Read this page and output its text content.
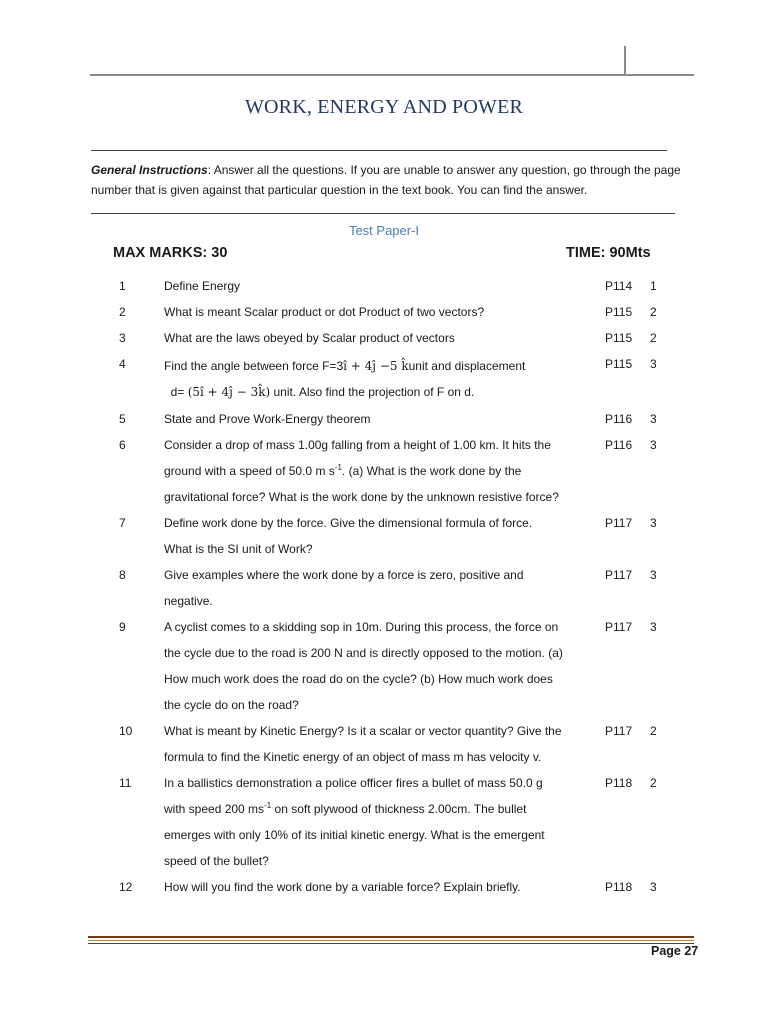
WORK, ENERGY AND POWER
General Instructions: Answer all the questions. If you are unable to answer any question, go through the page number that is given against that particular question in the text book. You can find the answer.
Test Paper-I
MAX MARKS: 30	TIME: 90Mts
1	Define Energy	P114 1
2	What is meant Scalar product or dot Product of two vectors?	P115 2
3	What are the laws obeyed by Scalar product of vectors	P115 2
4	Find the angle between force F=3î + 4ĵ −5 k̂unit and displacement
d= (5î + 4ĵ − 3k̂) unit. Also find the projection of F on d.
P115 3
5	State and Prove Work-Energy theorem	P116 3
6	Consider a drop of mass 1.00g falling from a height of 1.00 km. It hits the
ground with a speed of 50.0 m $s^{-1}$. (a) What is the work done by the
gravitational force? What is the work done by the unknown resistive force?
P116 3
7	Define work done by the force. Give the dimensional formula of force.
What is the SI unit of Work?
P117 3
8	Give examples where the work done by a force is zero, positive and
negative.
P117 3
9	A cyclist comes to a skidding sop in 10m. During this process, the force on
the cycle due to the road is 200 N and is directly opposed to the motion. (a)
How much work does the road do on the cycle? (b) How much work does
the cycle do on the road?
P117 3
10	What is meant by Kinetic Energy? Is it a scalar or vector quantity? Give the
formula to find the Kinetic energy of an object of mass m has velocity v.
P117 2
11	In a ballistics demonstration a police officer fires a bullet of mass 50.0 g
with speed 200 $ms^{-1}$ on soft plywood of thickness 2.00cm. The bullet
emerges with only 10% of its initial kinetic energy. What is the emergent
speed of the bullet?
P118 2
12	How will you find the work done by a variable force? Explain briefly.	P118 3
Page 27
